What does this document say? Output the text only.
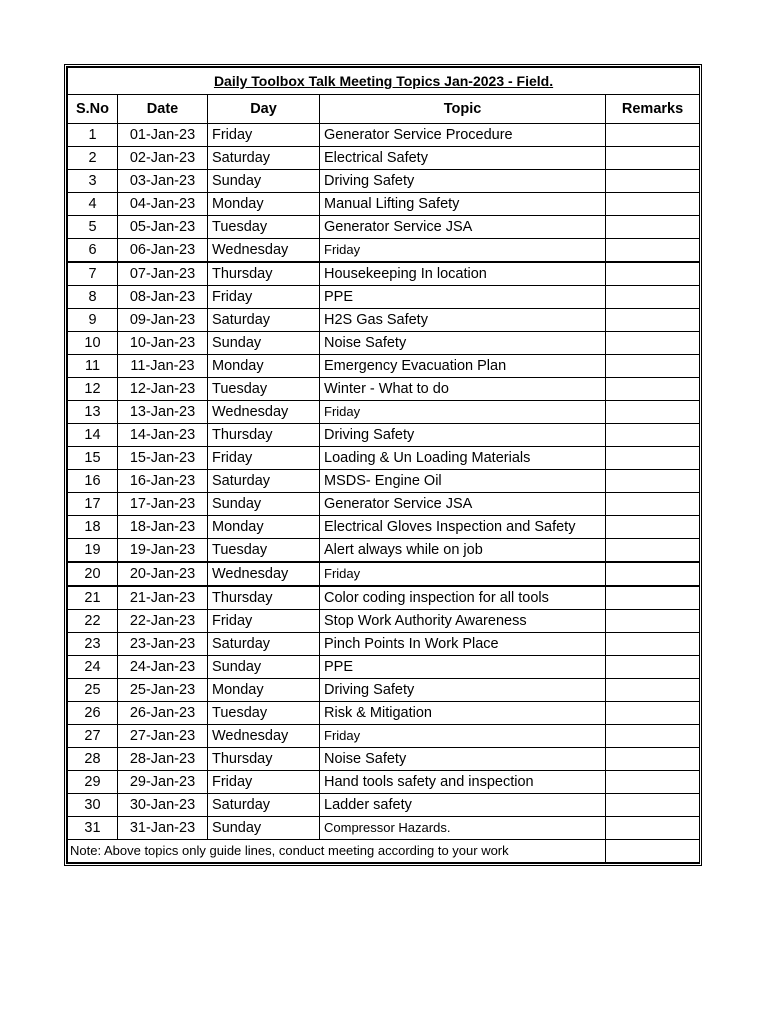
Daily Toolbox Talk Meeting Topics Jan-2023 - Field.				
S.No	Date	Day	Topic	Remarks
1	01-Jan-23	Friday	Generator Service Procedure	
2	02-Jan-23	Saturday	Electrical Safety	
3	03-Jan-23	Sunday	Driving Safety	
4	04-Jan-23	Monday	Manual Lifting Safety	
5	05-Jan-23	Tuesday	Generator Service JSA	
6	06-Jan-23	Wednesday	Friday	
7	07-Jan-23	Thursday	Housekeeping In location	
8	08-Jan-23	Friday	PPE	
9	09-Jan-23	Saturday	H2S Gas Safety	
10	10-Jan-23	Sunday	Noise Safety	
11	11-Jan-23	Monday	Emergency Evacuation Plan	
12	12-Jan-23	Tuesday	Winter - What to do	
13	13-Jan-23	Wednesday	Friday	
14	14-Jan-23	Thursday	Driving Safety	
15	15-Jan-23	Friday	Loading & Un Loading Materials	
16	16-Jan-23	Saturday	MSDS- Engine Oil	
17	17-Jan-23	Sunday	Generator Service JSA	
18	18-Jan-23	Monday	Electrical Gloves Inspection and Safety	
19	19-Jan-23	Tuesday	Alert always while on job	
20	20-Jan-23	Wednesday	Friday	
21	21-Jan-23	Thursday	Color coding inspection for all tools	
22	22-Jan-23	Friday	Stop Work Authority Awareness	
23	23-Jan-23	Saturday	Pinch Points In Work Place	
24	24-Jan-23	Sunday	PPE	
25	25-Jan-23	Monday	Driving Safety	
26	26-Jan-23	Tuesday	Risk & Mitigation	
27	27-Jan-23	Wednesday	Friday	
28	28-Jan-23	Thursday	Noise Safety	
29	29-Jan-23	Friday	Hand tools safety and inspection	
30	30-Jan-23	Saturday	Ladder safety	
31	31-Jan-23	Sunday	Compressor Hazards.	
Note: Above topics only guide lines, conduct meeting according to your work				
